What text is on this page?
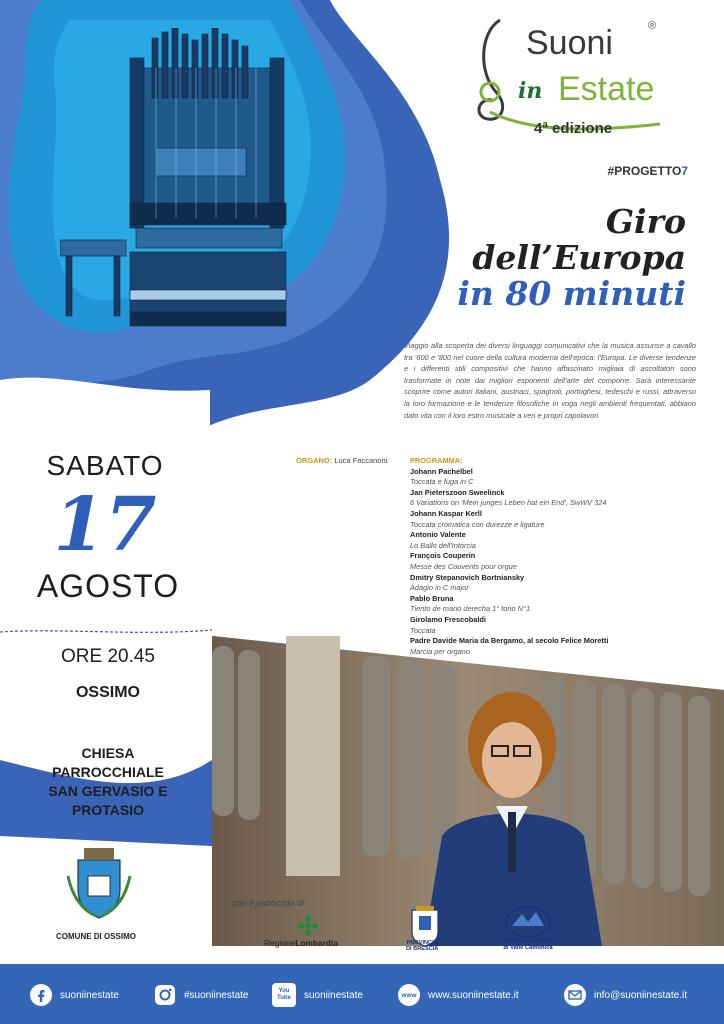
Suoni	®
in Estate
4ª edizione
#PROGETTO7
Giro
dell’Europa
in 80 minuti

Viaggio alla scoperta dei diversi linguaggi comunicativi che la musica assunse a cavallo tra '600 e '800 nel cuore della cultura moderna dell'epoca: l'Europa. Le diverse tendenze e i differenti stili compositivi che hanno affascinato migliaia di ascoltatori sono trasformate in note dai migliori esponenti dell'arte del comporre. Sarà interessante scoprire come autori italiani, austriaci, spagnoli, portoghesi, tedeschi e russi, attraverso la loro formazione e le tendenze filosofiche in voga negli ambienti frequentati, abbiano dato vita con il loro estro musicale a veri e propri capolavori

ORGANO: Luca Faccanoni	PROGRAMMA:
Johann Pachelbel
Toccata e fuga in C
Jan Pieterszoon Sweelinck
6 Variations on 'Mein junges Leben hat ein End', SwWV 324
Johann Kaspar Kerll
Toccata cromatica con durezze e ligature
Antonio Valente
Lo Ballo dell'Intorcia
François Couperin
Messe des Couvents pour orgue
Dmitry Stepanovich Bortniansky
Adagio in C major
Pablo Bruna
Tiento de mano derecha 1° tono N°1
Girolamo Frescobaldi
Toccata
Padre Davide Maria da Bergamo, al secolo Felice Moretti
Marcia per organo
SABATO
17
AGOSTO
ORE 20.45
OSSIMO
CHIESA
PARROCCHIALE
SAN GERVASIO E
PROTASIO
COMUNE DI OSSIMO
con il patrocinio di
RegioneLombardia	PROVINCIA
DI BRESCIA
Comunità Montana
di Valle Camonica
suoniinestate	#suoniinestate	You Tube	suoniinestate	www	www.suoniinestate.it	info@suoniinestate.it
